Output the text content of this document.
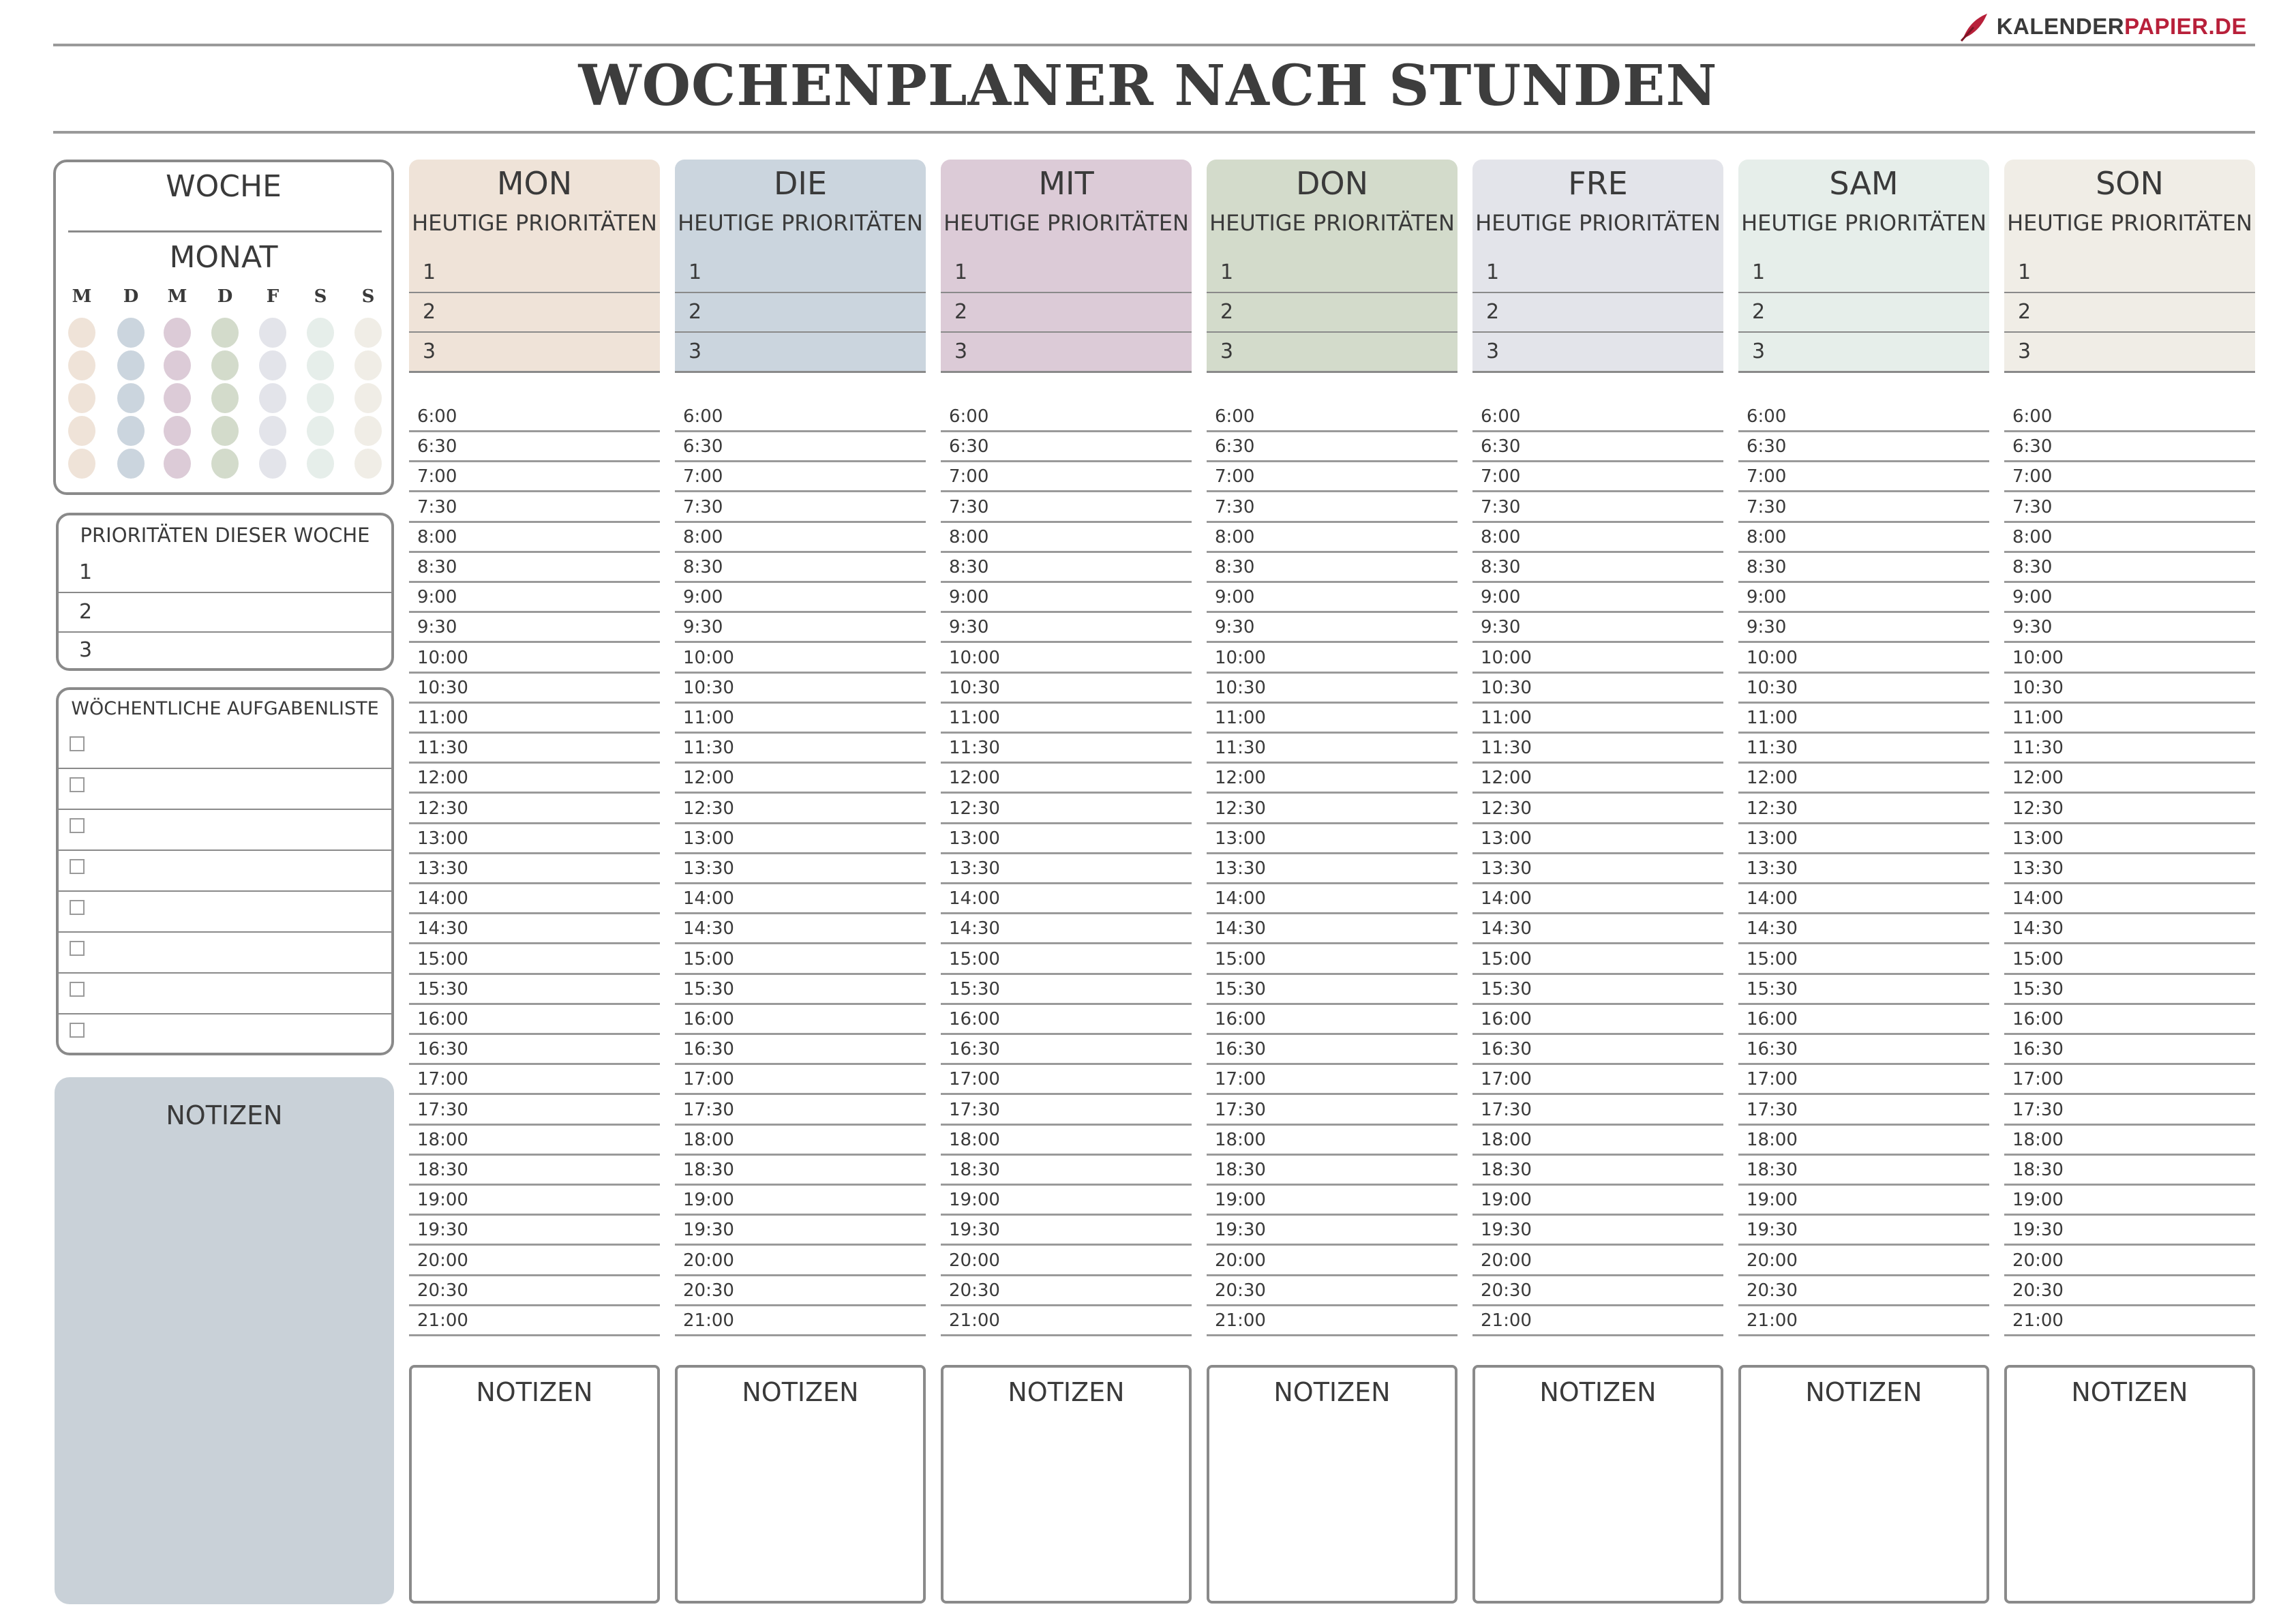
KALENDERPAPIER.DE
WOCHENPLANER NACH STUNDEN
WOCHE
MONAT
M	D	M	D	F	S	S
PRIORITÄTEN DIESER WOCHE
1
2
3
WÖCHENTLICHE AUFGABENLISTE
NOTIZEN
MON
HEUTIGE PRIORITÄTEN
1
2
3
6:00
6:30
7:00
7:30
8:00
8:30
9:00
9:30
10:00
10:30
11:00
11:30
12:00
12:30
13:00
13:30
14:00
14:30
15:00
15:30
16:00
16:30
17:00
17:30
18:00
18:30
19:00
19:30
20:00
20:30
21:00
NOTIZEN
DIE
HEUTIGE PRIORITÄTEN
1
2
3
6:00
6:30
7:00
7:30
8:00
8:30
9:00
9:30
10:00
10:30
11:00
11:30
12:00
12:30
13:00
13:30
14:00
14:30
15:00
15:30
16:00
16:30
17:00
17:30
18:00
18:30
19:00
19:30
20:00
20:30
21:00
NOTIZEN
MIT
HEUTIGE PRIORITÄTEN
1
2
3
6:00
6:30
7:00
7:30
8:00
8:30
9:00
9:30
10:00
10:30
11:00
11:30
12:00
12:30
13:00
13:30
14:00
14:30
15:00
15:30
16:00
16:30
17:00
17:30
18:00
18:30
19:00
19:30
20:00
20:30
21:00
NOTIZEN
DON
HEUTIGE PRIORITÄTEN
1
2
3
6:00
6:30
7:00
7:30
8:00
8:30
9:00
9:30
10:00
10:30
11:00
11:30
12:00
12:30
13:00
13:30
14:00
14:30
15:00
15:30
16:00
16:30
17:00
17:30
18:00
18:30
19:00
19:30
20:00
20:30
21:00
NOTIZEN
FRE
HEUTIGE PRIORITÄTEN
1
2
3
6:00
6:30
7:00
7:30
8:00
8:30
9:00
9:30
10:00
10:30
11:00
11:30
12:00
12:30
13:00
13:30
14:00
14:30
15:00
15:30
16:00
16:30
17:00
17:30
18:00
18:30
19:00
19:30
20:00
20:30
21:00
NOTIZEN
SAM
HEUTIGE PRIORITÄTEN
1
2
3
6:00
6:30
7:00
7:30
8:00
8:30
9:00
9:30
10:00
10:30
11:00
11:30
12:00
12:30
13:00
13:30
14:00
14:30
15:00
15:30
16:00
16:30
17:00
17:30
18:00
18:30
19:00
19:30
20:00
20:30
21:00
NOTIZEN
SON
HEUTIGE PRIORITÄTEN
1
2
3
6:00
6:30
7:00
7:30
8:00
8:30
9:00
9:30
10:00
10:30
11:00
11:30
12:00
12:30
13:00
13:30
14:00
14:30
15:00
15:30
16:00
16:30
17:00
17:30
18:00
18:30
19:00
19:30
20:00
20:30
21:00
NOTIZEN
